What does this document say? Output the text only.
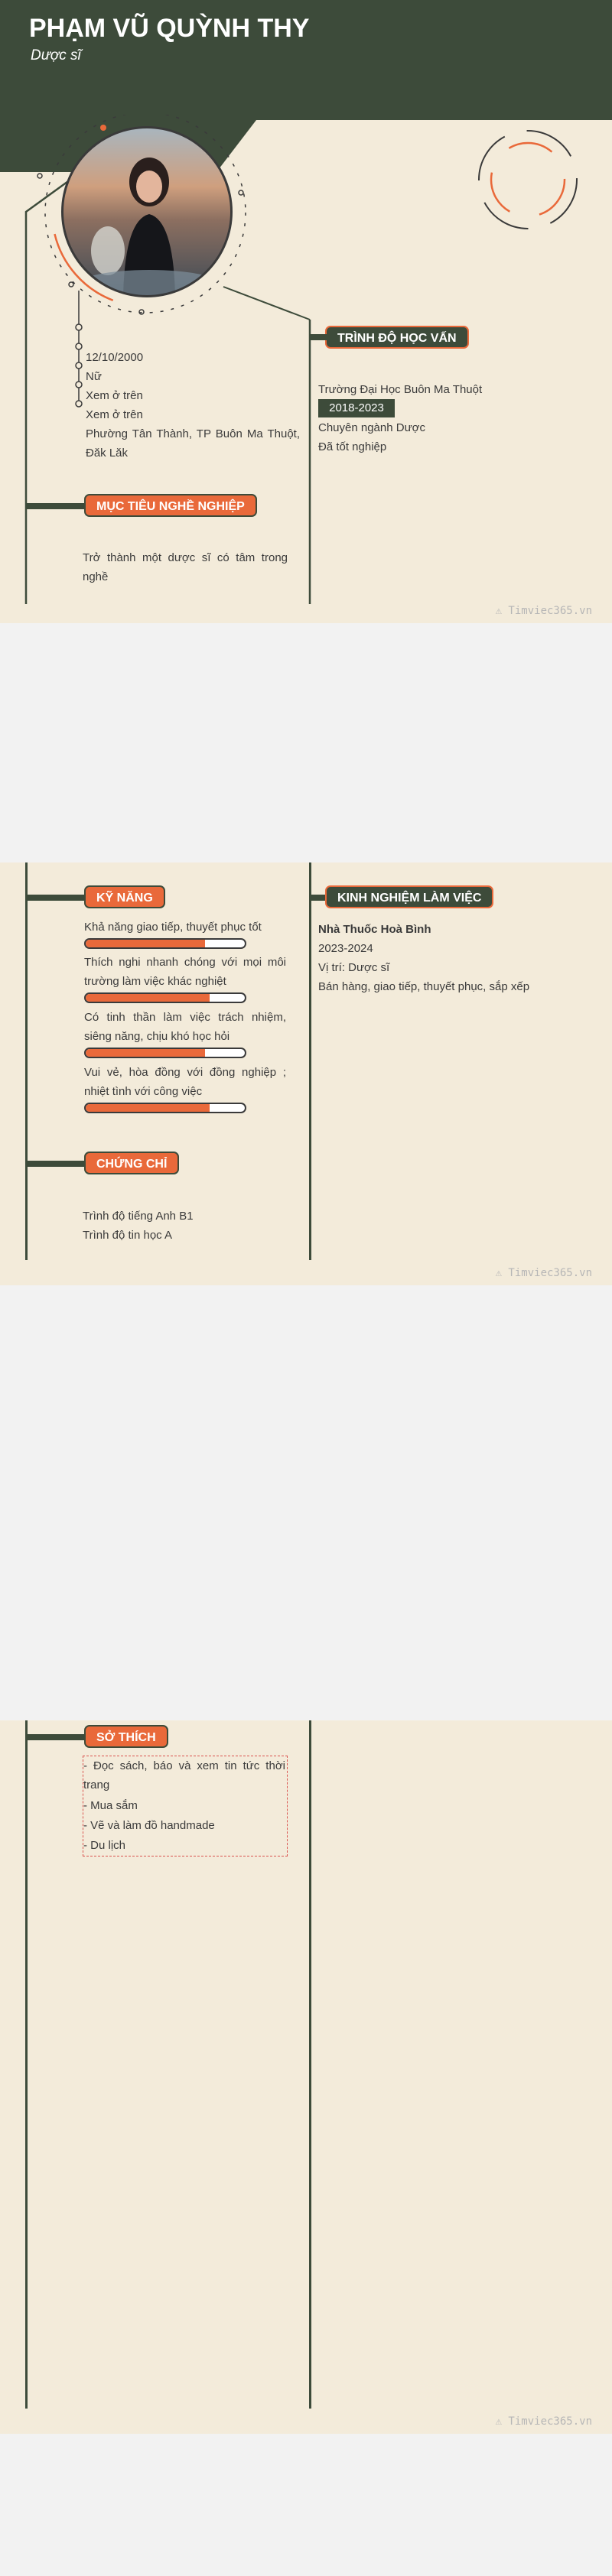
PHẠM VŨ QUỲNH THY
Dược sĩ
12/10/2000
Nữ
Xem ở trên
Xem ở trên
Phường Tân Thành, TP Buôn Ma Thuột, Đăk Lăk
MỤC TIÊU NGHỀ NGHIỆP
Trở thành một dược sĩ có tâm trong nghề
TRÌNH ĐỘ HỌC VẤN
Trường Đại Học Buôn Ma Thuột
2018-2023
Chuyên ngành Dược
Đã tốt nghiệp
⚠ Timviec365.vn
KỸ NĂNG
Khả năng giao tiếp, thuyết phục tốt
Thích nghi nhanh chóng với mọi môi trường làm việc khác nghiệt
Có tinh thần làm việc trách nhiệm, siêng năng, chịu khó học hỏi
Vui vẻ, hòa đồng với đồng nghiệp ; nhiệt tình với công việc
CHỨNG CHỈ
Trình độ tiếng Anh B1
Trình độ tin học A
KINH NGHIỆM LÀM VIỆC
Nhà Thuốc Hoà Bình
2023-2024
Vị trí: Dược sĩ
Bán hàng, giao tiếp, thuyết phục, sắp xếp
⚠ Timviec365.vn
SỞ THÍCH
- Đọc sách, báo và xem tin tức thời trang
- Mua sắm
- Vẽ và làm đồ handmade
- Du lịch
⚠ Timviec365.vn
